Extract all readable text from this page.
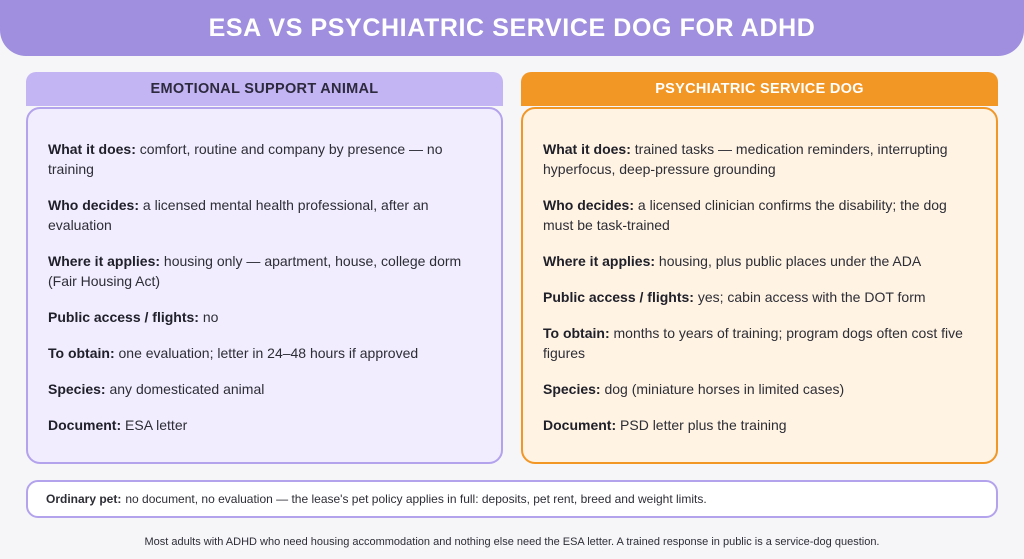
ESA VS PSYCHIATRIC SERVICE DOG FOR ADHD
EMOTIONAL SUPPORT ANIMAL

What it does: comfort, routine and company by presence — no training

Who decides: a licensed mental health professional, after an evaluation

Where it applies: housing only — apartment, house, college dorm (Fair Housing Act)

Public access / flights: no

To obtain: one evaluation; letter in 24–48 hours if approved

Species: any domesticated animal

Document: ESA letter

PSYCHIATRIC SERVICE DOG

What it does: trained tasks — medication reminders, interrupting hyperfocus, deep-pressure grounding

Who decides: a licensed clinician confirms the disability; the dog must be task-trained

Where it applies: housing, plus public places under the ADA

Public access / flights: yes; cabin access with the DOT form

To obtain: months to years of training; program dogs often cost five figures

Species: dog (miniature horses in limited cases)

Document: PSD letter plus the training

Ordinary pet: no document, no evaluation — the lease's pet policy applies in full: deposits, pet rent, breed and weight limits.
Most adults with ADHD who need housing accommodation and nothing else need the ESA letter. A trained response in public is a service-dog question.
